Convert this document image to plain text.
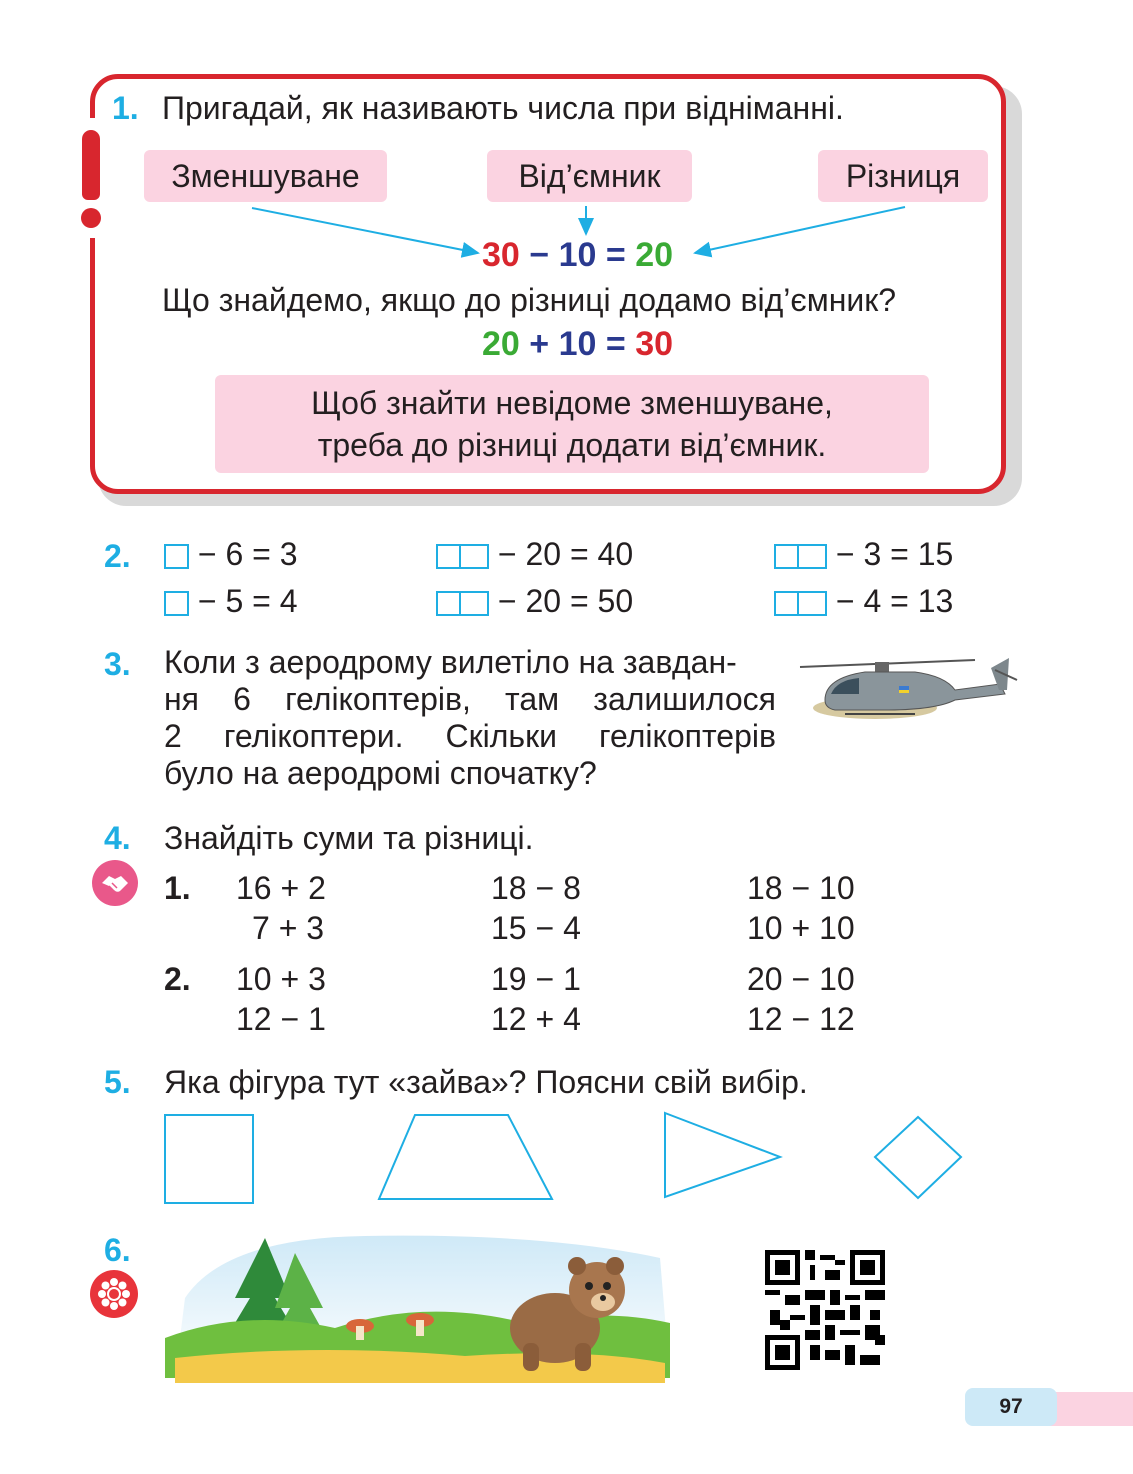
1. Пригадай, як називають числа при відніманні.
Зменшуване	Від’ємник	Різниця
30 − 10 = 20
Що знайдемо, якщо до різниці додамо від’ємник?
20 + 10 = 30
Щоб знайти невідоме зменшуване,
треба до різниці додати від’ємник.
2.	− 6 = 3	− 20 = 40	− 3 = 15
− 5 = 4	− 20 = 50	− 4 = 13
3. Коли з аеродрому вилетіло на завдан-
ня 6 гелікоптерів, там залишилося
2 гелікоптери. Скільки гелікоптерів
було на аеродромі спочатку?
4. Знайдіть суми та різниці.
1. 16 + 2	18 − 8	18 − 10
7 + 3	15 − 4	10 + 10
2. 10 + 3	19 − 1	20 − 10
12 − 1	12 + 4	12 − 12
5. Яка фігура тут «зайва»? Поясни свій вибір.
6.
97
